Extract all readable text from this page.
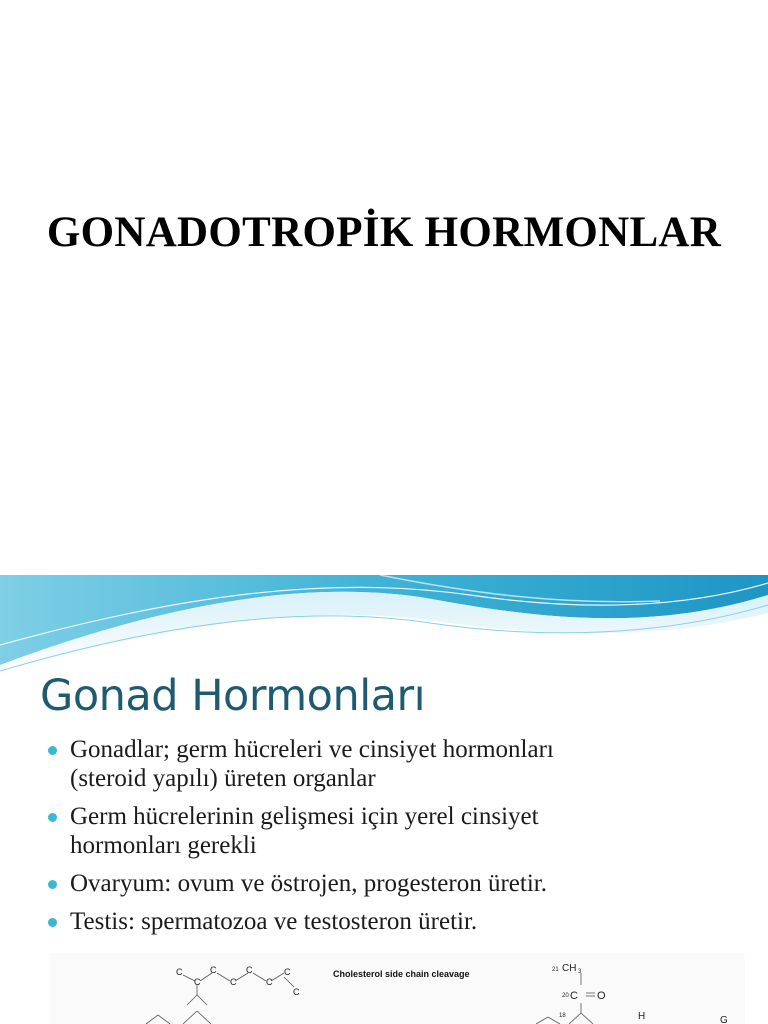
GONADOTROPİK HORMONLAR
Gonad Hormonları
Gonadlar; germ hücreleri ve cinsiyet hormonları
(steroid yapılı) üreten organlar
Germ hücrelerinin gelişmesi için yerel cinsiyet
hormonları gerekli
Ovaryum: ovum ve östrojen, progesteron üretir.
Testis: spermatozoa ve testosteron üretir.
Cholesterol side chain cleavage
C
C
C
C
C
C
C
C
21 CH 3
20 C O
18	H	G
